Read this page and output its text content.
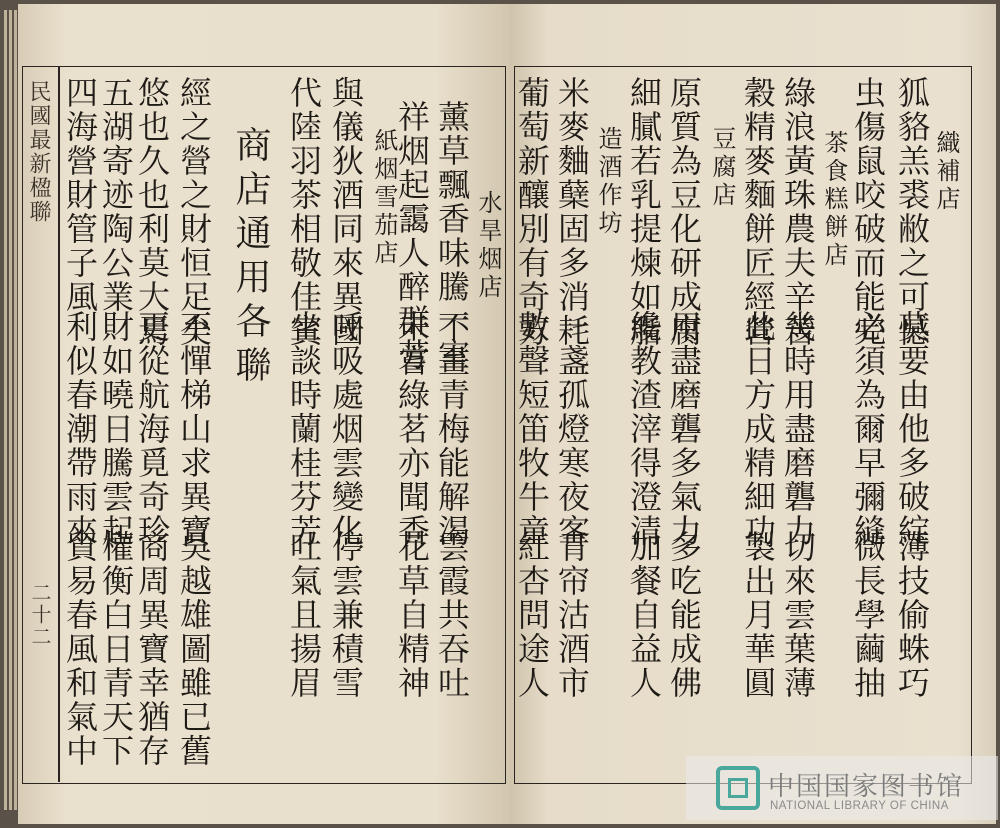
民國最新楹聯
二十二
水旱烟店
薰草飄香味騰一室
不畫青梅能解渴
雲霞共吞吐
祥烟起靄人醉群芳
未嘗綠茗亦聞香
花草自精神
紙烟雪茄店
與儀狄酒同來異國
呼吸處烟雲變化
停雲兼積雪
代陸羽茶相敬佳賓
坐談時蘭桂芬芳
吐氣且揚眉
商店通用各聯
經之營之財恒足矣
不憚梯山求異寶
吳越雄圖雖已舊
悠也久也利莫大焉
更從航海覓奇珍
商周異寶幸猶存
五湖寄迹陶公業
財如曉日騰雲起
權衡白日青天下
四海營財管子風
利似春潮帶雨來
貿易春風和氣中
織補店
狐貉羔裘敝之可憾
莫要由他多破綻
薄技偷蛛巧
虫傷鼠咬破而能完
必須為爾早彌縫
微長學繭抽
茶食糕餅店
綠浪黃珠農夫辛苦
幾時用盡磨礱力
切來雲葉薄
穀精麥麵餅匠經營
此日方成精細功
製出月華圓
豆腐店
原質為豆化研成腐
用盡磨礱多氣力
多吃能成佛
細膩若乳提煉如脂
纔教渣滓得澄清
加餐自益人
造酒作坊
米麥麯蘖固多消耗
一盞孤燈寒夜客
青帘沽酒市
葡萄新釀別有奇方
數聲短笛牧牛童
紅杏問途人
中国国家图书馆
NATIONAL LIBRARY OF CHINA
